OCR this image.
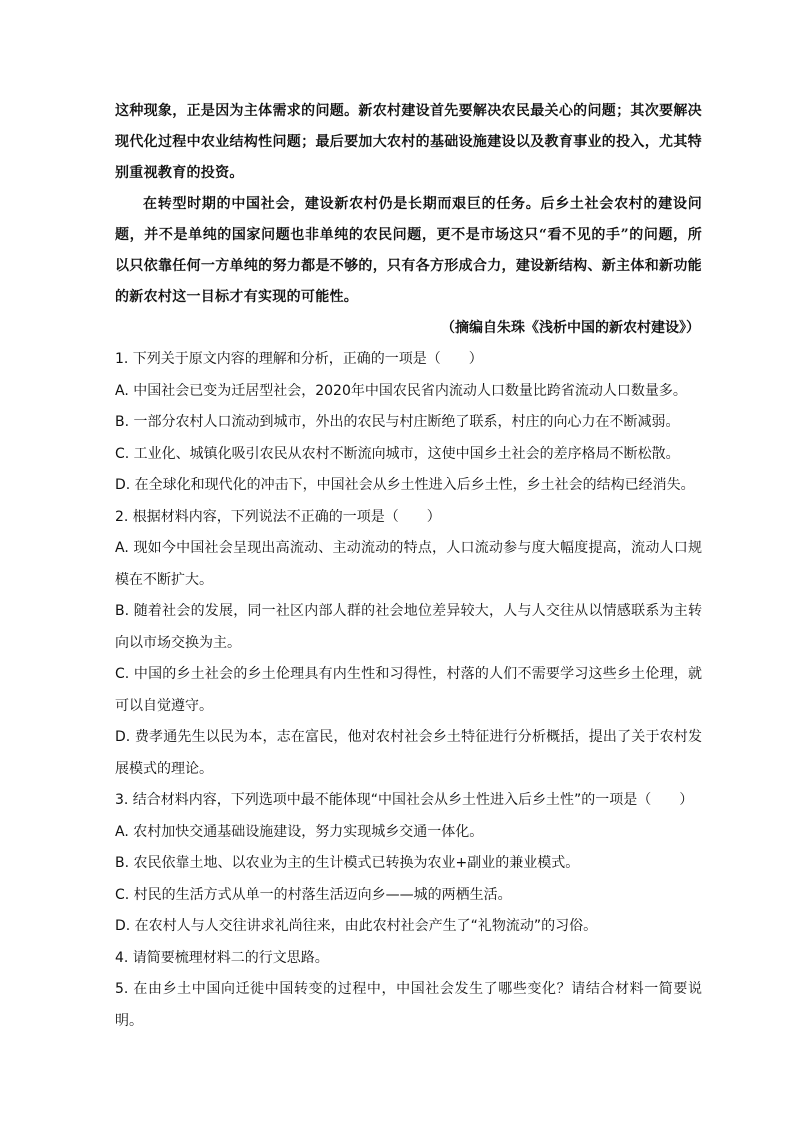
这种现象，正是因为主体需求的问题。新农村建设首先要解决农民最关心的问题；其次要解决现代化过程中农业结构性问题；最后要加大农村的基础设施建设以及教育事业的投入，尤其特别重视教育的投资。

在转型时期的中国社会，建设新农村仍是长期而艰巨的任务。后乡土社会农村的建设问题，并不是单纯的国家问题也非单纯的农民问题，更不是市场这只“看不见的手”的问题，所以只依靠任何一方单纯的努力都是不够的，只有各方形成合力，建设新结构、新主体和新功能的新农村这一目标才有实现的可能性。

（摘编自朱珠《浅析中国的新农村建设》）

1. 下列关于原文内容的理解和分析，正确的一项是（　　）

A. 中国社会已变为迁居型社会，2020年中国农民省内流动人口数量比跨省流动人口数量多。

B. 一部分农村人口流动到城市，外出的农民与村庄断绝了联系，村庄的向心力在不断减弱。

C. 工业化、城镇化吸引农民从农村不断流向城市，这使中国乡土社会的差序格局不断松散。

D. 在全球化和现代化的冲击下，中国社会从乡土性进入后乡土性，乡土社会的结构已经消失。

2. 根据材料内容，下列说法不正确的一项是（　　）

A. 现如今中国社会呈现出高流动、主动流动的特点，人口流动参与度大幅度提高，流动人口规模在不断扩大。

B. 随着社会的发展，同一社区内部人群的社会地位差异较大，人与人交往从以情感联系为主转向以市场交换为主。

C. 中国的乡土社会的乡土伦理具有内生性和习得性，村落的人们不需要学习这些乡土伦理，就可以自觉遵守。

D. 费孝通先生以民为本，志在富民，他对农村社会乡土特征进行分析概括，提出了关于农村发展模式的理论。

3. 结合材料内容，下列选项中最不能体现“中国社会从乡土性进入后乡土性”的一项是（　　）

A. 农村加快交通基础设施建设，努力实现城乡交通一体化。

B. 农民依靠土地、以农业为主的生计模式已转换为农业+副业的兼业模式。

C. 村民的生活方式从单一的村落生活迈向乡——城的两栖生活。

D. 在农村人与人交往讲求礼尚往来，由此农村社会产生了“礼物流动”的习俗。

4. 请简要梳理材料二的行文思路。

5. 在由乡土中国向迁徙中国转变的过程中，中国社会发生了哪些变化？请结合材料一简要说明。
